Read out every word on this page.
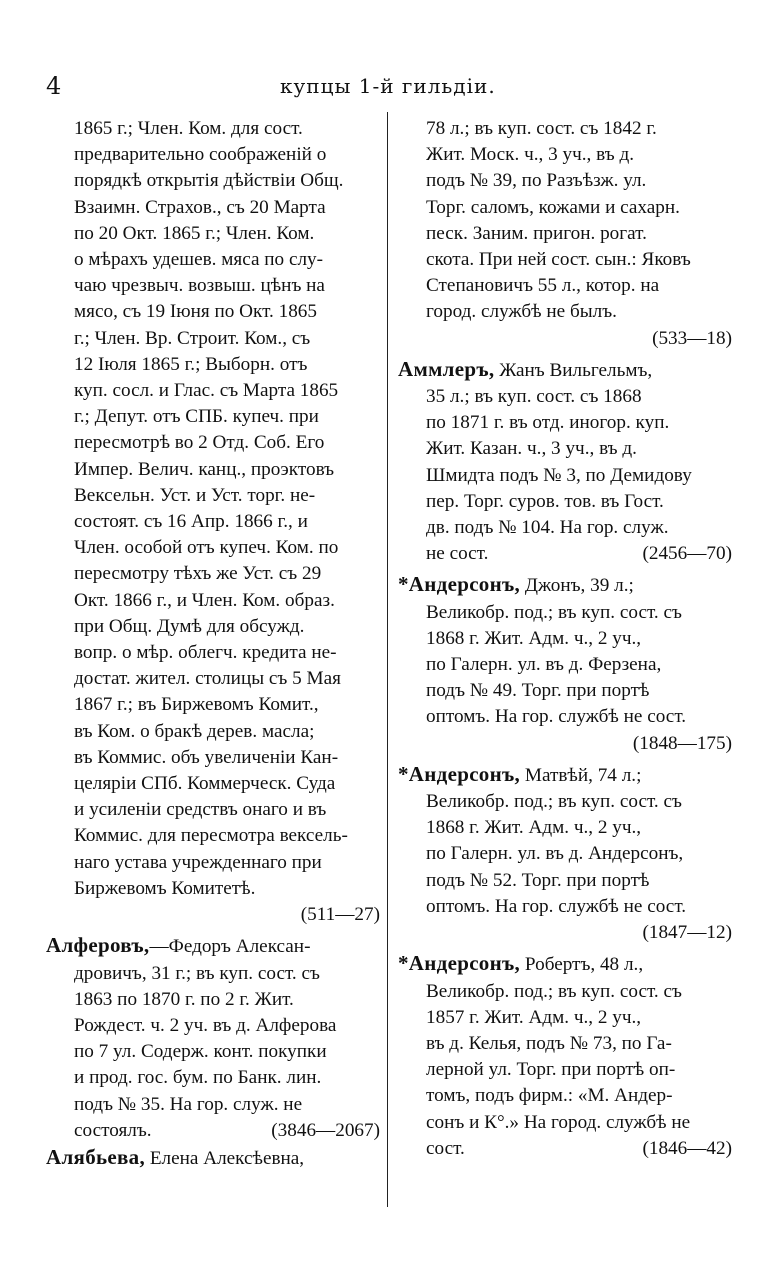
4	купцы 1-й гильдіи.
1865 г.; Член. Ком. для сост.
предварительно соображеній о
порядкѣ открытія дѣйствіи Общ.
Взаимн. Страхов., съ 20 Марта
по 20 Окт. 1865 г.; Член. Ком.
о мѣрахъ удешев. мяса по слу-
чаю чрезвыч. возвыш. цѣнъ на
мясо, съ 19 Іюня по Окт. 1865
г.; Член. Вр. Строит. Ком., съ
12 Іюля 1865 г.; Выборн. отъ
куп. сосл. и Глас. съ Марта 1865
г.; Депут. отъ СПБ. купеч. при
пересмотрѣ во 2 Отд. Соб. Его
Импер. Велич. канц., проэктовъ
Вексельн. Уст. и Уст. торг. не-
состоят. съ 16 Апр. 1866 г., и
Член. особой отъ купеч. Ком. по
пересмотру тѣхъ же Уст. съ 29
Окт. 1866 г., и Член. Ком. образ.
при Общ. Думѣ для обсужд.
вопр. о мѣр. облегч. кредита не-
достат. жител. столицы съ 5 Мая
1867 г.; въ Биржевомъ Комит.,
въ Ком. о бракѣ дерев. масла;
въ Коммис. объ увеличеніи Кан-
целяріи СПб. Коммерческ. Суда
и усиленіи средствъ онаго и въ
Коммис. для пересмотра вексель-
наго устава учрежденнаго при
Биржевомъ Комитетѣ.
(511—27)
Алферовъ,—Федоръ Алексан-
дровичъ, 31 г.; въ куп. сост. съ
1863 по 1870 г. по 2 г. Жит.
Рождест. ч. 2 уч. въ д. Алферова
по 7 ул. Содерж. конт. покупки
и прод. гос. бум. по Банк. лин.
подъ № 35. На гор. служ. не
состоялъ.	(3846—2067)
Алябьева, Елена Алексѣевна,
78 л.; въ куп. сост. съ 1842 г.
Жит. Моск. ч., 3 уч., въ д.
подъ № 39, по Разъѣзж. ул.
Торг. саломъ, кожами и сахарн.
песк. Заним. пригон. рогат.
скота. При ней сост. сын.: Яковъ
Степановичъ 55 л., котор. на
город. службѣ не былъ.
(533—18)
Аммлеръ, Жанъ Вильгельмъ,
35 л.; въ куп. сост. съ 1868
по 1871 г. въ отд. иногор. куп.
Жит. Казан. ч., 3 уч., въ д.
Шмидта подъ № 3, по Демидову
пер. Торг. суров. тов. въ Гост.
дв. подъ № 104. На гор. служ.
не сост.	(2456—70)
*Андерсонъ, Джонъ, 39 л.;
Великобр. под.; въ куп. сост. съ
1868 г. Жит. Адм. ч., 2 уч.,
по Галерн. ул. въ д. Ферзена,
подъ № 49. Торг. при портѣ
оптомъ. На гор. службѣ не сост.
(1848—175)
*Андерсонъ, Матвѣй, 74 л.;
Великобр. под.; въ куп. сост. съ
1868 г. Жит. Адм. ч., 2 уч.,
по Галерн. ул. въ д. Андерсонъ,
подъ № 52. Торг. при портѣ
оптомъ. На гор. службѣ не сост.
(1847—12)
*Андерсонъ, Робертъ, 48 л.,
Великобр. под.; въ куп. сост. съ
1857 г. Жит. Адм. ч., 2 уч.,
въ д. Келья, подъ № 73, по Га-
лерной ул. Торг. при портѣ оп-
томъ, подъ фирм.: «М. Андер-
сонъ и К°.» На город. службѣ не
сост.	(1846—42)
